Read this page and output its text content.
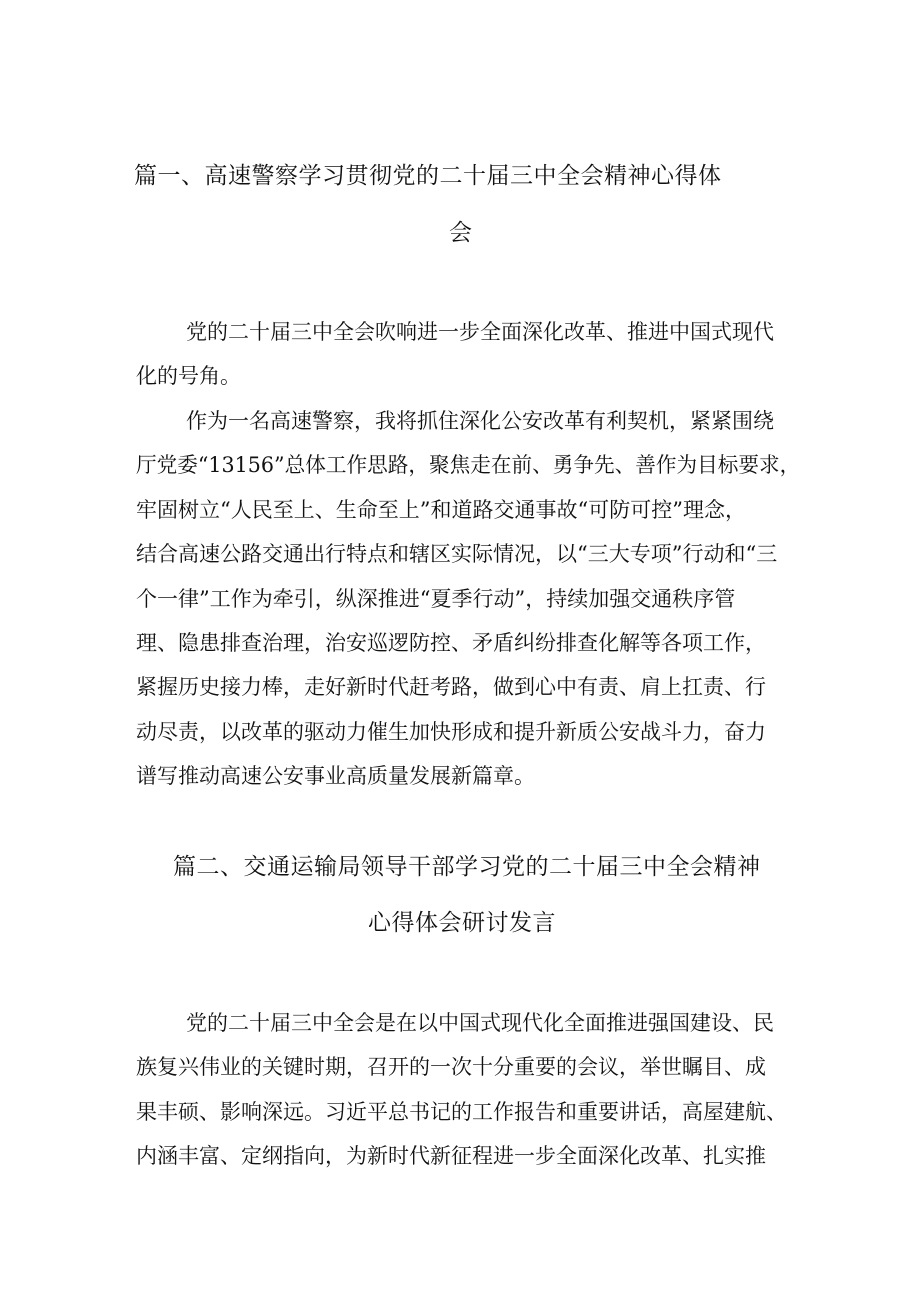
篇一、高速警察学习贯彻党的二十届三中全会精神心得体
会
党的二十届三中全会吹响进一步全面深化改革、推进中国式现代
化的号角。
作为一名高速警察，我将抓住深化公安改革有利契机，紧紧围绕
厅党委“13156”总体工作思路，聚焦走在前、勇争先、善作为目标要求，
牢固树立“人民至上、生命至上”和道路交通事故“可防可控”理念，
结合高速公路交通出行特点和辖区实际情况，以“三大专项”行动和“三
个一律”工作为牵引，纵深推进“夏季行动”，持续加强交通秩序管
理、隐患排查治理，治安巡逻防控、矛盾纠纷排查化解等各项工作，
紧握历史接力棒，走好新时代赶考路，做到心中有责、肩上扛责、行
动尽责，以改革的驱动力催生加快形成和提升新质公安战斗力，奋力
谱写推动高速公安事业高质量发展新篇章。
篇二、交通运输局领导干部学习党的二十届三中全会精神
心得体会研讨发言
党的二十届三中全会是在以中国式现代化全面推进强国建设、民
族复兴伟业的关键时期，召开的一次十分重要的会议，举世瞩目、成
果丰硕、影响深远。习近平总书记的工作报告和重要讲话，高屋建航、
内涵丰富、定纲指向，为新时代新征程进一步全面深化改革、扎实推
